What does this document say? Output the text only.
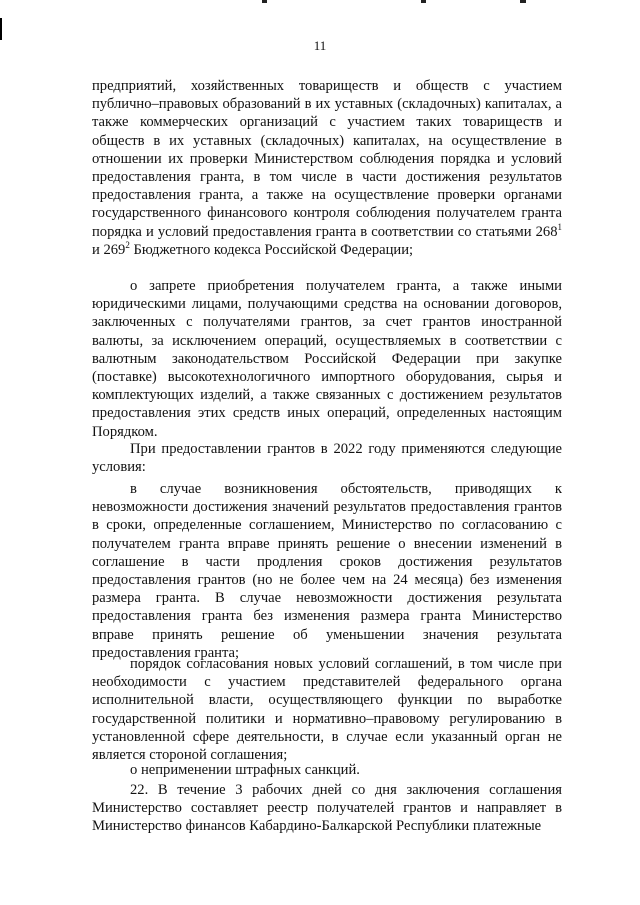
11

предприятий, хозяйственных товариществ и обществ с участием публично–правовых образований в их уставных (складочных) капиталах, а также коммерческих организаций с участием таких товариществ и обществ в их уставных (складочных) капиталах, на осуществление в отношении их проверки Министерством соблюдения порядка и условий предоставления гранта, в том числе в части достижения результатов предоставления гранта, а также на осуществление проверки органами государственного финансового контроля соблюдения получателем гранта порядка и условий предоставления гранта в соответствии со статьями $268^1$ и $269^2$ Бюджетного кодекса Российской Федерации;

о запрете приобретения получателем гранта, а также иными юридическими лицами, получающими средства на основании договоров, заключенных с получателями грантов, за счет грантов иностранной валюты, за исключением операций, осуществляемых в соответствии с валютным законодательством Российской Федерации при закупке (поставке) высокотехнологичного импортного оборудования, сырья и комплектующих изделий, а также связанных с достижением результатов предоставления этих средств иных операций, определенных настоящим Порядком.

При предоставлении грантов в 2022 году применяются следующие условия:

в случае возникновения обстоятельств, приводящих к невозможности достижения значений результатов предоставления грантов в сроки, определенные соглашением, Министерство по согласованию с получателем гранта вправе принять решение о внесении изменений в соглашение в части продления сроков достижения результатов предоставления грантов (но не более чем на 24 месяца) без изменения размера гранта. В случае невозможности достижения результата предоставления гранта без изменения размера гранта Министерство вправе принять решение об уменьшении значения результата предоставления гранта;

порядок согласования новых условий соглашений, в том числе при необходимости с участием представителей федерального органа исполнительной власти, осуществляющего функции по выработке государственной политики и нормативно–правовому регулированию в установленной сфере деятельности, в случае если указанный орган не является стороной соглашения;

о неприменении штрафных санкций.

22. В течение 3 рабочих дней со дня заключения соглашения Министерство составляет реестр получателей грантов и направляет в Министерство финансов Кабардино-Балкарской Республики платежные
